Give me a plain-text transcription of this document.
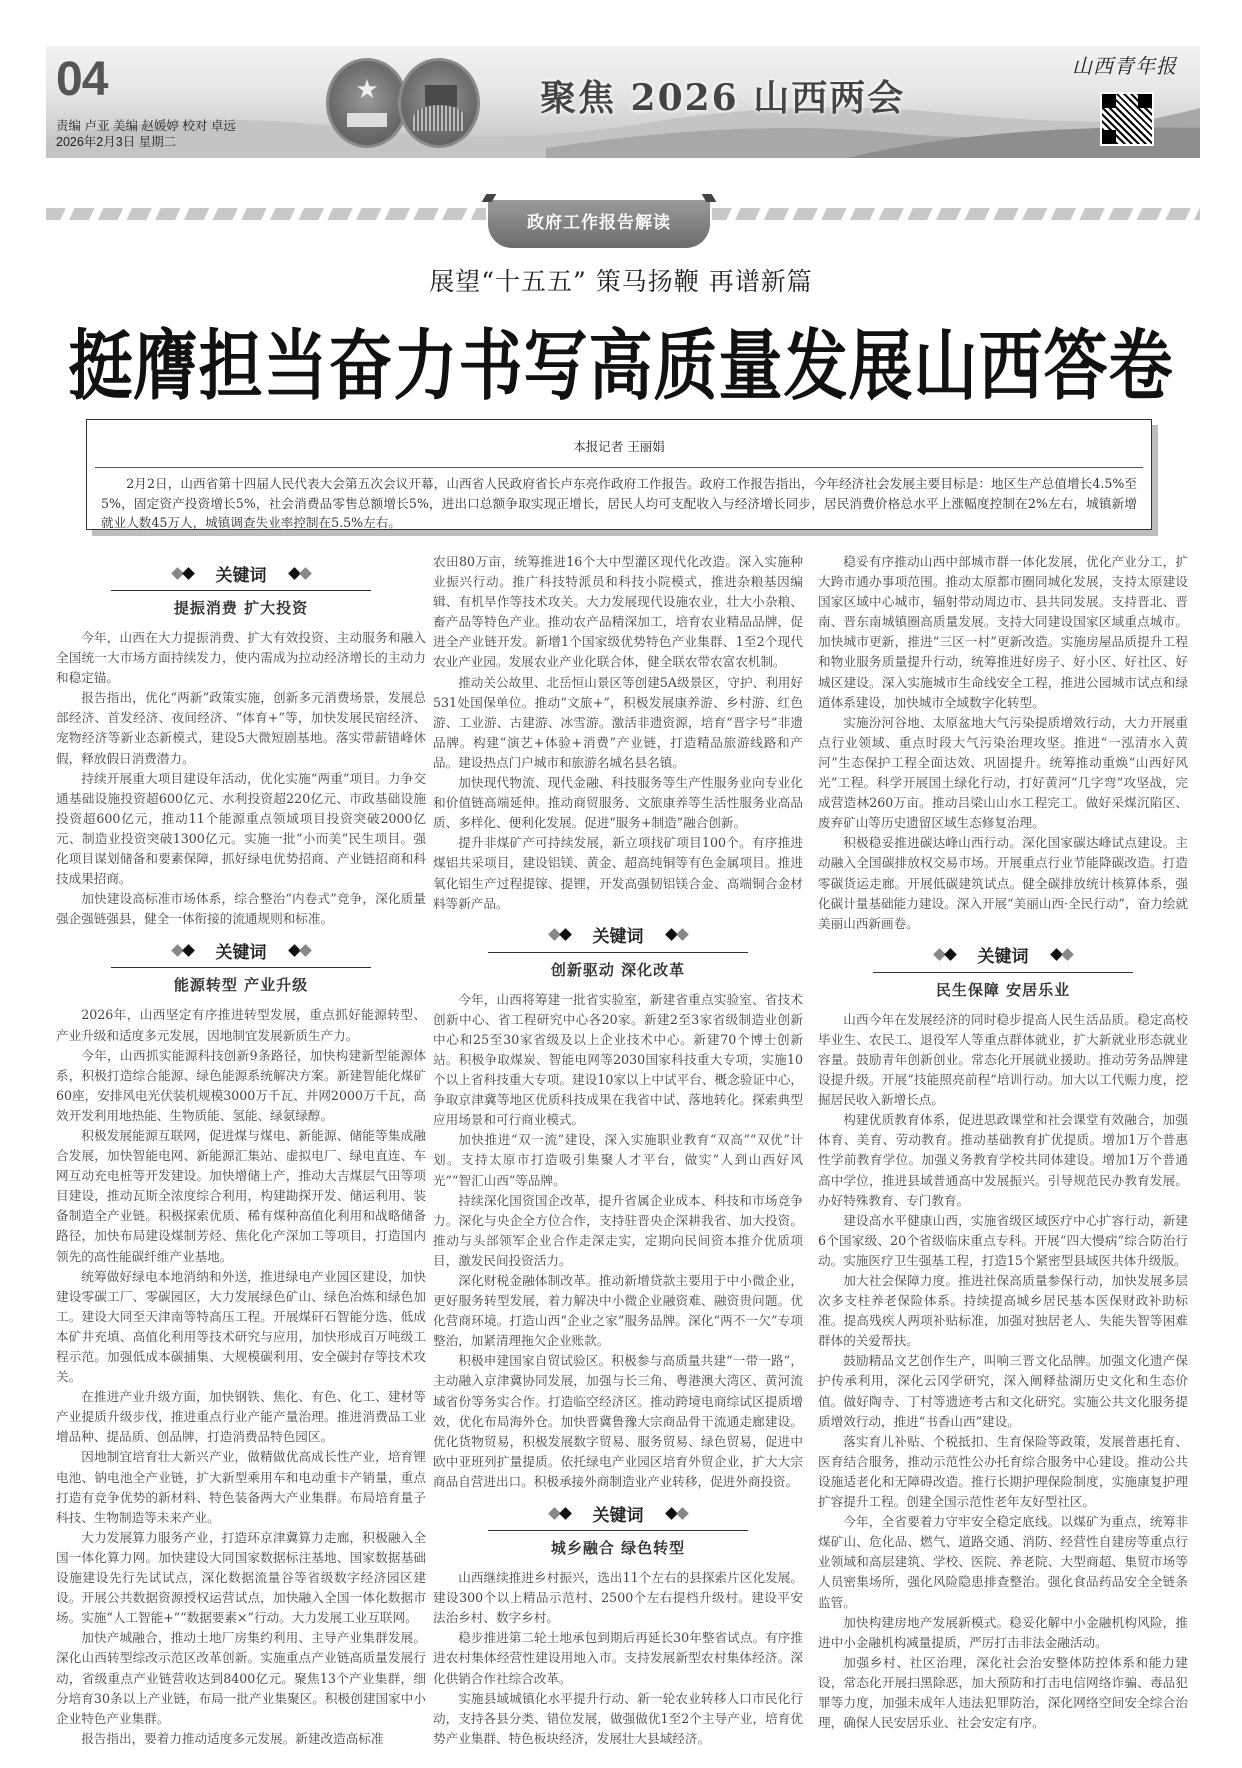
04
责编 卢亚 美编 赵媛婷 校对 卓远
2026年2月3日 星期二
★	聚焦 2026 山西两会
山西青年报
政府工作报告解读
展望“十五五” 策马扬鞭 再谱新篇
挺膺担当奋力书写高质量发展山西答卷
本报记者 王丽娟

2月2日，山西省第十四届人民代表大会第五次会议开幕，山西省人民政府省长卢东亮作政府工作报告。政府工作报告指出，今年经济社会发展主要目标是：地区生产总值增长4.5%至5%，固定资产投资增长5%，社会消费品零售总额增长5%，进出口总额争取实现正增长，居民人均可支配收入与经济增长同步，居民消费价格总水平上涨幅度控制在2%左右，城镇新增就业人数45万人，城镇调查失业率控制在5.5%左右。

关键词
提振消费 扩大投资

今年，山西在大力提振消费、扩大有效投资、主动服务和融入全国统一大市场方面持续发力，使内需成为拉动经济增长的主动力和稳定锚。

报告指出，优化“两新”政策实施，创新多元消费场景，发展总部经济、首发经济、夜间经济、“体育+”等，加快发展民宿经济、宠物经济等新业态新模式，建设5大微短剧基地。落实带薪错峰休假，释放假日消费潜力。

持续开展重大项目建设年活动，优化实施“两重”项目。力争交通基础设施投资超600亿元、水利投资超220亿元、市政基础设施投资超600亿元，推动11个能源重点领域项目投资突破2000亿元、制造业投资突破1300亿元。实施一批“小而美”民生项目。强化项目谋划储备和要素保障，抓好绿电优势招商、产业链招商和科技成果招商。

加快建设高标准市场体系，综合整治“内卷式”竞争，深化质量强企强链强县，健全一体衔接的流通规则和标准。

关键词
能源转型 产业升级

2026年，山西坚定有序推进转型发展，重点抓好能源转型、产业升级和适度多元发展，因地制宜发展新质生产力。

今年，山西抓实能源科技创新9条路径，加快构建新型能源体系，积极打造综合能源、绿色能源系统解决方案。新建智能化煤矿60座，安排风电光伏装机规模3000万千瓦、并网2000万千瓦，高效开发利用地热能、生物质能、氢能、绿氨绿醇。

积极发展能源互联网，促进煤与煤电、新能源、储能等集成融合发展，加快智能电网、新能源汇集站、虚拟电厂、绿电直连、车网互动充电桩等开发建设。加快增储上产，推动大吉煤层气田等项目建设，推动瓦斯全浓度综合利用，构建勘探开发、储运利用、装备制造全产业链。积极探索优质、稀有煤种高值化利用和战略储备路径，加快布局建设煤制芳烃、焦化化产深加工等项目，打造国内领先的高性能碳纤维产业基地。

统筹做好绿电本地消纳和外送，推进绿电产业园区建设，加快建设零碳工厂、零碳园区，大力发展绿色矿山、绿色冶炼和绿色加工。建设大同至天津南等特高压工程。开展煤矸石智能分选、低成本矿井充填、高值化利用等技术研究与应用，加快形成百万吨级工程示范。加强低成本碳捕集、大规模碳利用、安全碳封存等技术攻关。

在推进产业升级方面，加快钢铁、焦化、有色、化工、建材等产业提质升级步伐，推进重点行业产能产量治理。推进消费品工业增品种、提品质、创品牌，打造消费品特色园区。

因地制宜培育壮大新兴产业，做精做优高成长性产业，培育锂电池、钠电池全产业链，扩大新型乘用车和电动重卡产销量，重点打造有竞争优势的新材料、特色装备两大产业集群。布局培育量子科技、生物制造等未来产业。

大力发展算力服务产业，打造环京津冀算力走廊，积极融入全国一体化算力网。加快建设大同国家数据标注基地、国家数据基础设施建设先行先试试点，深化数据流量谷等省级数字经济园区建设。开展公共数据资源授权运营试点，加快融入全国一体化数据市场。实施“人工智能+”“数据要素×”行动。大力发展工业互联网。

加快产城融合，推动土地厂房集约利用、主导产业集群发展。深化山西转型综改示范区改革创新。实施重点产业链高质量发展行动，省级重点产业链营收达到8400亿元。聚焦13个产业集群，细分培育30条以上产业链，布局一批产业集聚区。积极创建国家中小企业特色产业集群。

报告指出，要着力推动适度多元发展。新建改造高标准

农田80万亩，统筹推进16个大中型灌区现代化改造。深入实施种业振兴行动。推广科技特派员和科技小院模式，推进杂粮基因编辑、有机旱作等技术攻关。大力发展现代设施农业，壮大小杂粮、畜产品等特色产业。推动农产品精深加工，培育农业精品品牌，促进全产业链开发。新增1个国家级优势特色产业集群、1至2个现代农业产业园。发展农业产业化联合体，健全联农带农富农机制。

推动关公故里、北岳恒山景区等创建5A级景区，守护、利用好531处国保单位。推动“文旅+”，积极发展康养游、乡村游、红色游、工业游、古建游、冰雪游。激活非遗资源，培育“晋字号”非遗品牌。构建“演艺+体验+消费”产业链，打造精品旅游线路和产品。建设热点门户城市和旅游名城名县名镇。

加快现代物流、现代金融、科技服务等生产性服务业向专业化和价值链高端延伸。推动商贸服务、文旅康养等生活性服务业高品质、多样化、便利化发展。促进“服务+制造”融合创新。

提升非煤矿产可持续发展，新立项找矿项目100个。有序推进煤铝共采项目，建设铝镁、黄金、超高纯铜等有色金属项目。推进氧化铝生产过程提镓、提锂，开发高强韧铝镁合金、高端铜合金材料等新产品。

关键词
创新驱动 深化改革

今年，山西将筹建一批省实验室，新建省重点实验室、省技术创新中心、省工程研究中心各20家。新建2至3家省级制造业创新中心和25至30家省级及以上企业技术中心。新建70个博士创新站。积极争取煤炭、智能电网等2030国家科技重大专项，实施10个以上省科技重大专项。建设10家以上中试平台、概念验证中心，争取京津冀等地区优质科技成果在我省中试、落地转化。探索典型应用场景和可行商业模式。

加快推进“双一流”建设，深入实施职业教育“双高”“双优”计划。支持太原市打造吸引集聚人才平台，做实“人到山西好风光”“智汇山西”等品牌。

持续深化国资国企改革，提升省属企业成本、科技和市场竞争力。深化与央企全方位合作，支持驻晋央企深耕我省、加大投资。推动与头部领军企业合作走深走实，定期向民间资本推介优质项目，激发民间投资活力。

深化财税金融体制改革。推动新增贷款主要用于中小微企业，更好服务转型发展，着力解决中小微企业融资难、融资贵问题。优化营商环境。打造山西“企业之家”服务品牌。深化“两不一欠”专项整治，加紧清理拖欠企业账款。

积极申建国家自贸试验区。积极参与高质量共建“一带一路”，主动融入京津冀协同发展，加强与长三角、粤港澳大湾区、黄河流域省份等务实合作。打造临空经济区。推动跨境电商综试区提质增效，优化布局海外仓。加快晋冀鲁豫大宗商品骨干流通走廊建设。优化货物贸易，积极发展数字贸易、服务贸易、绿色贸易，促进中欧中亚班列扩量提质。依托绿电产业园区培育外贸企业，扩大大宗商品自营进出口。积极承接外商制造业产业转移，促进外商投资。

关键词
城乡融合 绿色转型

山西继续推进乡村振兴，选出11个左右的县探索片区化发展。建设300个以上精品示范村、2500个左右提档升级村。建设平安法治乡村、数字乡村。

稳步推进第二轮土地承包到期后再延长30年整省试点。有序推进农村集体经营性建设用地入市。支持发展新型农村集体经济。深化供销合作社综合改革。

实施县域城镇化水平提升行动、新一轮农业转移人口市民化行动，支持各县分类、错位发展，做强做优1至2个主导产业，培育优势产业集群、特色板块经济，发展壮大县域经济。

稳妥有序推动山西中部城市群一体化发展，优化产业分工，扩大跨市通办事项范围。推动太原都市圈同城化发展，支持太原建设国家区域中心城市，辐射带动周边市、县共同发展。支持晋北、晋南、晋东南城镇圈高质量发展。支持大同建设国家区域重点城市。加快城市更新，推进“三区一村”更新改造。实施房屋品质提升工程和物业服务质量提升行动，统筹推进好房子、好小区、好社区、好城区建设。深入实施城市生命线安全工程，推进公园城市试点和绿道体系建设，加快城市全域数字化转型。

实施汾河谷地、太原盆地大气污染提质增效行动，大力开展重点行业领域、重点时段大气污染治理攻坚。推进“一泓清水入黄河”生态保护工程全面达效、巩固提升。统筹推动重焕“山西好风光”工程。科学开展国土绿化行动，打好黄河“几字弯”攻坚战，完成营造林260万亩。推动吕梁山山水工程完工。做好采煤沉陷区、废弃矿山等历史遗留区域生态修复治理。

积极稳妥推进碳达峰山西行动。深化国家碳达峰试点建设。主动融入全国碳排放权交易市场。开展重点行业节能降碳改造。打造零碳货运走廊。开展低碳建筑试点。健全碳排放统计核算体系，强化碳计量基础能力建设。深入开展“美丽山西·全民行动”，奋力绘就美丽山西新画卷。

关键词
民生保障 安居乐业

山西今年在发展经济的同时稳步提高人民生活品质。稳定高校毕业生、农民工、退役军人等重点群体就业，扩大新就业形态就业容量。鼓励青年创新创业。常态化开展就业援助。推动劳务品牌建设提升级。开展“技能照亮前程”培训行动。加大以工代赈力度，挖掘居民收入新增长点。

构建优质教育体系，促进思政课堂和社会课堂有效融合，加强体育、美育、劳动教育。推动基础教育扩优提质。增加1万个普惠性学前教育学位。加强义务教育学校共同体建设。增加1万个普通高中学位，推进县域普通高中发展振兴。引导规范民办教育发展。办好特殊教育、专门教育。

建设高水平健康山西，实施省级区域医疗中心扩容行动，新建6个国家级、20个省级临床重点专科。开展“四大慢病”综合防治行动。实施医疗卫生强基工程，打造15个紧密型县域医共体升级版。

加大社会保障力度。推进社保高质量参保行动，加快发展多层次多支柱养老保险体系。持续提高城乡居民基本医保财政补助标准。提高残疾人两项补贴标准，加强对独居老人、失能失智等困难群体的关爱帮扶。

鼓励精品文艺创作生产，叫响三晋文化品牌。加强文化遗产保护传承利用，深化云冈学研究，深入阐释盐湖历史文化和生态价值。做好陶寺、丁村等遗迹考古和文化研究。实施公共文化服务提质增效行动，推进“书香山西”建设。

落实育儿补贴、个税抵扣、生育保险等政策，发展普惠托育、医育结合服务，推动示范性公办托育综合服务中心建设。推动公共设施适老化和无障碍改造。推行长期护理保险制度，实施康复护理扩容提升工程。创建全国示范性老年友好型社区。

今年，全省要着力守牢安全稳定底线。以煤矿为重点，统筹非煤矿山、危化品、燃气、道路交通、消防、经营性自建房等重点行业领域和高层建筑、学校、医院、养老院、大型商超、集贸市场等人员密集场所，强化风险隐患排查整治。强化食品药品安全全链条监管。

加快构建房地产发展新模式。稳妥化解中小金融机构风险，推进中小金融机构减量提质，严厉打击非法金融活动。

加强乡村、社区治理，深化社会治安整体防控体系和能力建设，常态化开展扫黑除恶，加大预防和打击电信网络诈骗、毒品犯罪等力度，加强未成年人违法犯罪防治，深化网络空间安全综合治理，确保人民安居乐业、社会安定有序。
